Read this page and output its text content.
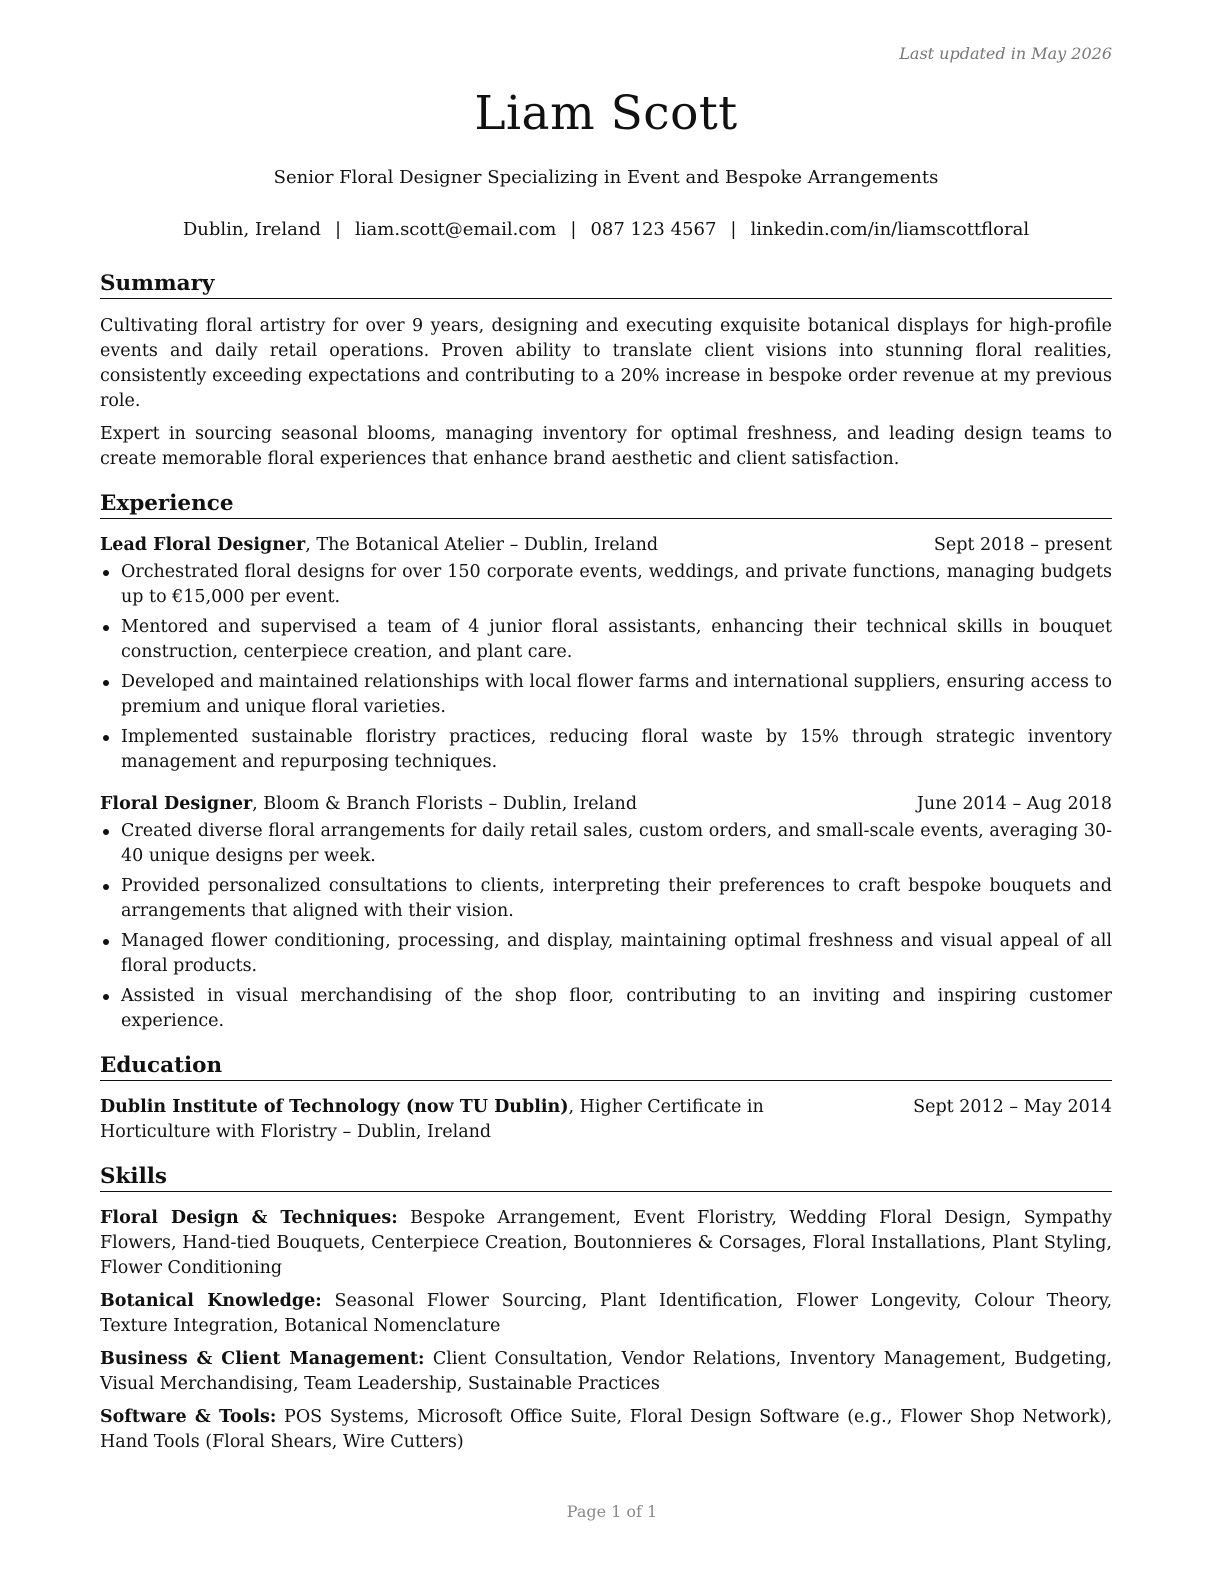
Last updated in May 2026
Liam Scott
Senior Floral Designer Specializing in Event and Bespoke Arrangements
Dublin, Ireland | liam.scott@email.com | 087 123 4567 | linkedin.com/in/liamscottfloral
Summary

Cultivating floral artistry for over 9 years, designing and executing exquisite botanical displays for high-profile events and daily retail operations. Proven ability to translate client visions into stunning floral realities, consistently exceeding expectations and contributing to a 20% increase in bespoke order revenue at my previous role.

Expert in sourcing seasonal blooms, managing inventory for optimal freshness, and leading design teams to create memorable floral experiences that enhance brand aesthetic and client satisfaction.

Experience
Lead Floral Designer, The Botanical Atelier – Dublin, Ireland	Sept 2018 – present
Orchestrated floral designs for over 150 corporate events, weddings, and private functions, managing budgets up to €15,000 per event.
Mentored and supervised a team of 4 junior floral assistants, enhancing their technical skills in bouquet construction, centerpiece creation, and plant care.
Developed and maintained relationships with local flower farms and international suppliers, ensuring access to premium and unique floral varieties.
Implemented sustainable floristry practices, reducing floral waste by 15% through strategic inventory management and repurposing techniques.
Floral Designer, Bloom & Branch Florists – Dublin, Ireland	June 2014 – Aug 2018
Created diverse floral arrangements for daily retail sales, custom orders, and small-scale events, averaging 30-40 unique designs per week.
Provided personalized consultations to clients, interpreting their preferences to craft bespoke bouquets and arrangements that aligned with their vision.
Managed flower conditioning, processing, and display, maintaining optimal freshness and visual appeal of all floral products.
Assisted in visual merchandising of the shop floor, contributing to an inviting and inspiring customer experience.
Education
Dublin Institute of Technology (now TU Dublin), Higher Certificate in Horticulture with Floristry – Dublin, Ireland
Sept 2012 – May 2014
Skills

Floral Design & Techniques: Bespoke Arrangement, Event Floristry, Wedding Floral Design, Sympathy Flowers, Hand-tied Bouquets, Centerpiece Creation, Boutonnieres & Corsages, Floral Installations, Plant Styling, Flower Conditioning

Botanical Knowledge: Seasonal Flower Sourcing, Plant Identification, Flower Longevity, Colour Theory, Texture Integration, Botanical Nomenclature

Business & Client Management: Client Consultation, Vendor Relations, Inventory Management, Budgeting, Visual Merchandising, Team Leadership, Sustainable Practices

Software & Tools: POS Systems, Microsoft Office Suite, Floral Design Software (e.g., Flower Shop Network), Hand Tools (Floral Shears, Wire Cutters)

Page 1 of 1
